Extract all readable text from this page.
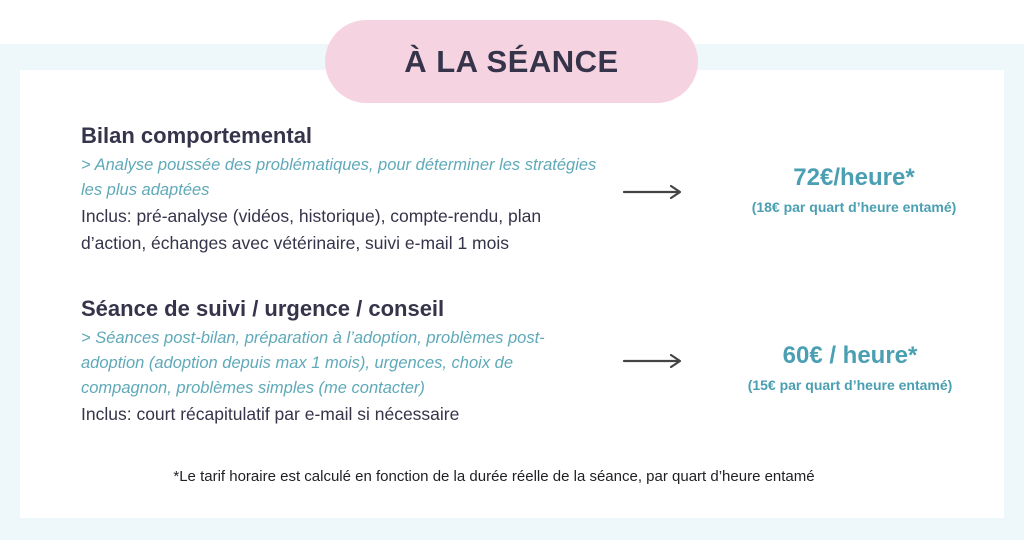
À LA SÉANCE
Bilan comportemental
> Analyse poussée des problématiques, pour déterminer les stratégies les plus adaptées
Inclus: pré-analyse (vidéos, historique), compte-rendu, plan d’action, échanges avec vétérinaire, suivi e-mail 1 mois
72€/heure*
(18€ par quart d’heure entamé)
Séance de suivi / urgence / conseil
> Séances post-bilan, préparation à l’adoption, problèmes post-adoption (adoption depuis max 1 mois), urgences, choix de compagnon, problèmes simples (me contacter)
Inclus: court récapitulatif par e-mail si nécessaire
60€ / heure*
(15€ par quart d’heure entamé)
*Le tarif horaire est calculé en fonction de la durée réelle de la séance, par quart d’heure entamé
